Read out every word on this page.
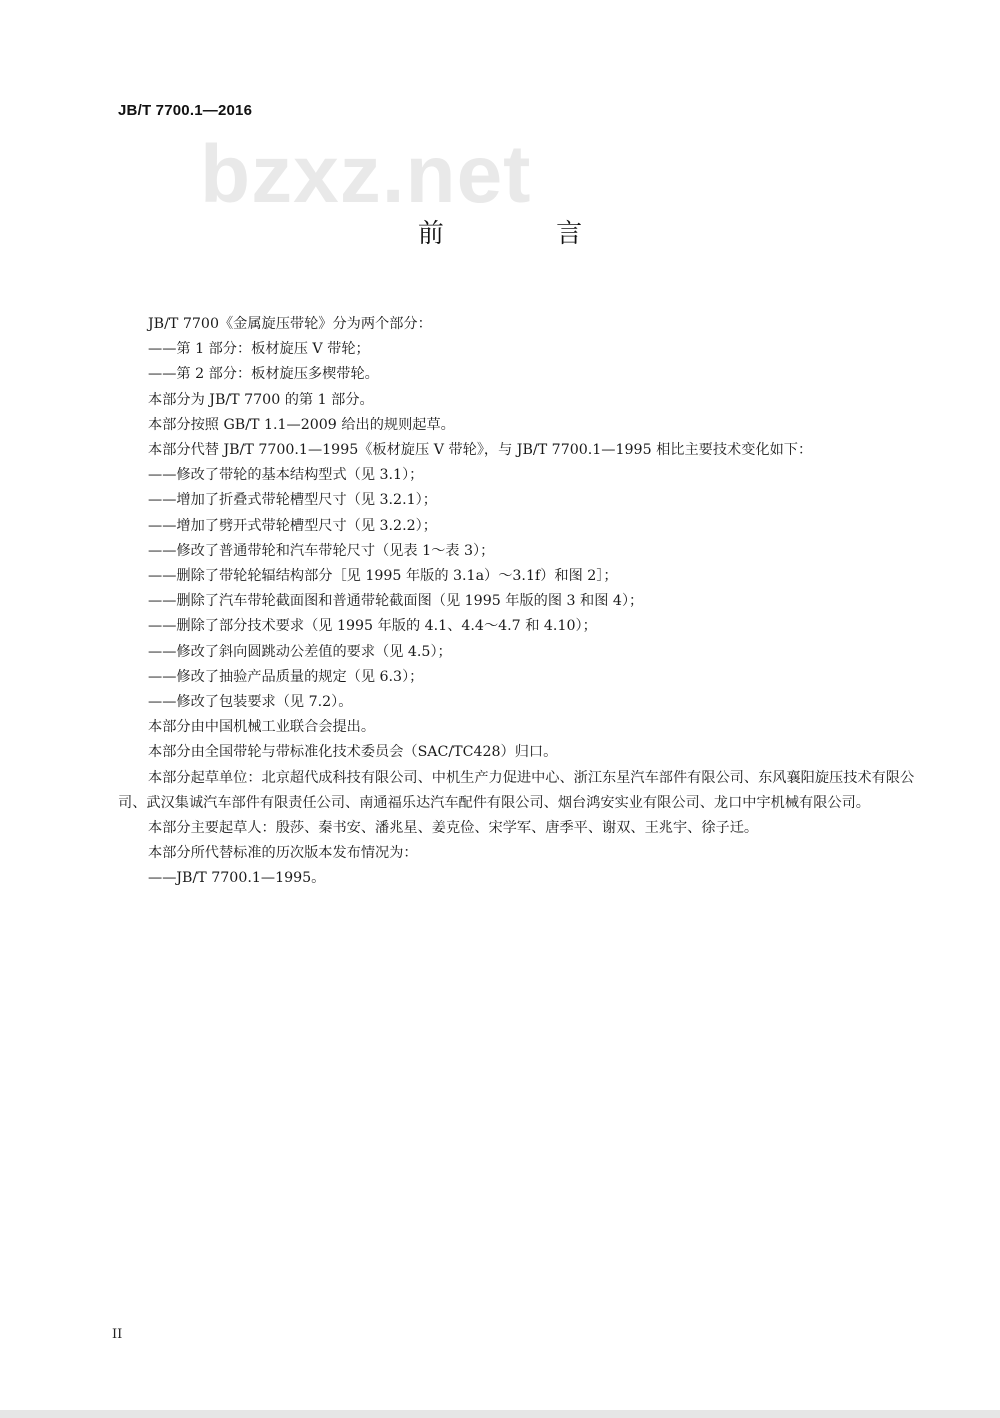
JB/T 7700.1—2016
bzxz.net
前 言

JB/T 7700《金属旋压带轮》分为两个部分：

——第 1 部分：板材旋压 V 带轮；

——第 2 部分：板材旋压多楔带轮。

本部分为 JB/T 7700 的第 1 部分。

本部分按照 GB/T 1.1—2009 给出的规则起草。

本部分代替 JB/T 7700.1—1995《板材旋压 V 带轮》，与 JB/T 7700.1—1995 相比主要技术变化如下：

——修改了带轮的基本结构型式（见 3.1）；

——增加了折叠式带轮槽型尺寸（见 3.2.1）；

——增加了劈开式带轮槽型尺寸（见 3.2.2）；

——修改了普通带轮和汽车带轮尺寸（见表 1～表 3）；

——删除了带轮轮辐结构部分［见 1995 年版的 3.1a）～3.1f）和图 2］；

——删除了汽车带轮截面图和普通带轮截面图（见 1995 年版的图 3 和图 4）；

——删除了部分技术要求（见 1995 年版的 4.1、4.4～4.7 和 4.10）；

——修改了斜向圆跳动公差值的要求（见 4.5）；

——修改了抽验产品质量的规定（见 6.3）；

——修改了包装要求（见 7.2）。

本部分由中国机械工业联合会提出。

本部分由全国带轮与带标准化技术委员会（SAC/TC428）归口。

本部分起草单位：北京超代成科技有限公司、中机生产力促进中心、浙江东星汽车部件有限公司、东风襄阳旋压技术有限公司、武汉集诚汽车部件有限责任公司、南通福乐达汽车配件有限公司、烟台鸿安实业有限公司、龙口中宇机械有限公司。

本部分主要起草人：殷莎、秦书安、潘兆星、姜克俭、宋学军、唐季平、谢双、王兆宇、徐子迁。

本部分所代替标准的历次版本发布情况为：

——JB/T 7700.1—1995。

II
